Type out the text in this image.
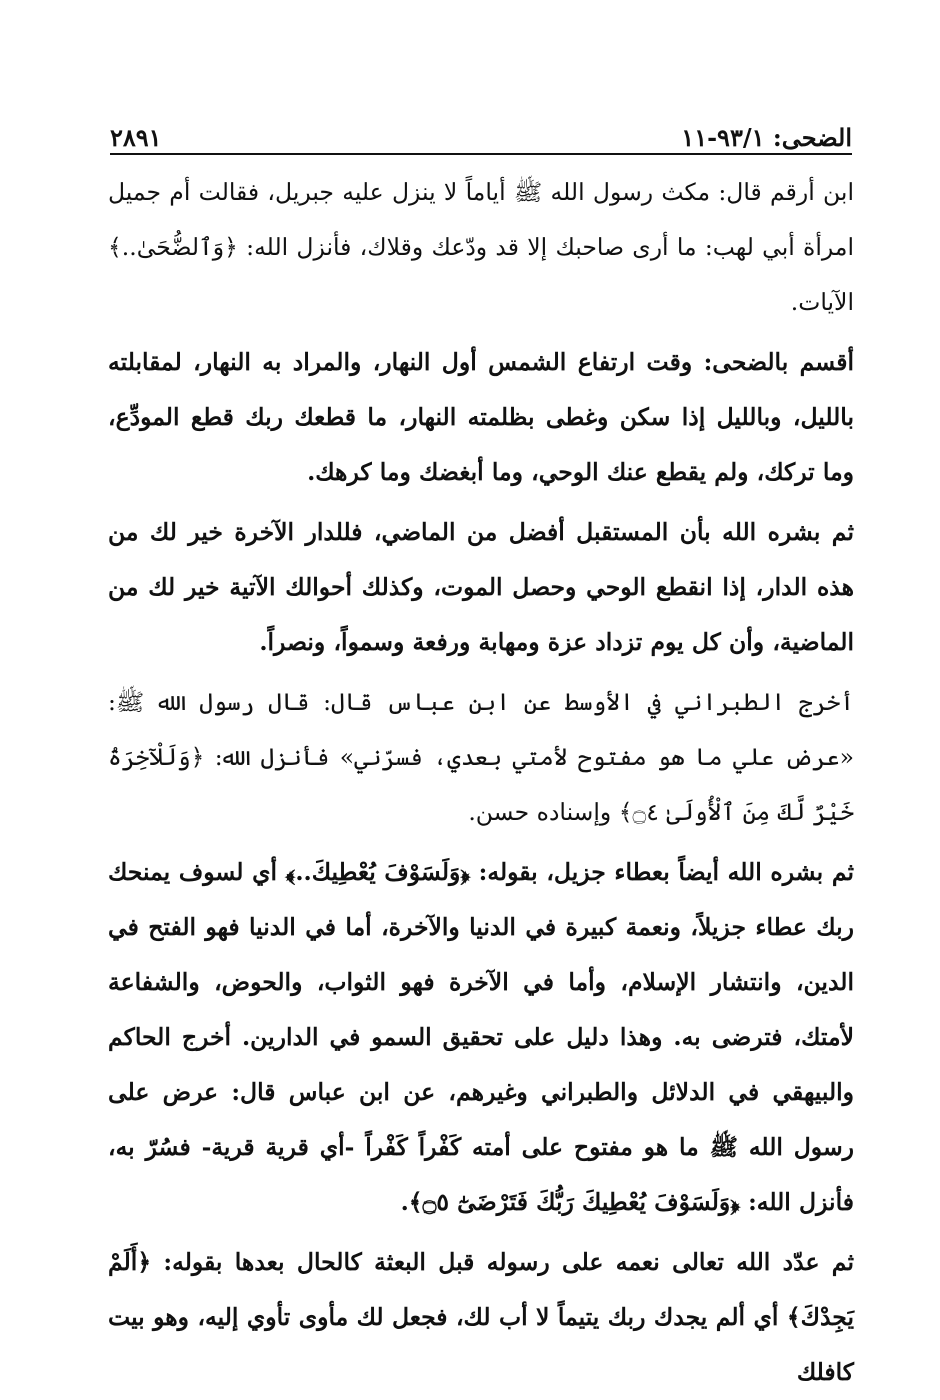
٢٨٩١	الضحى: ٩٣/١-١١

ابن أرقم قال: مكث رسول الله ﷺ أياماً لا ينزل عليه جبريل، فقالت أم جميل امرأة أبي لهب: ما أرى صاحبك إلا قد ودّعك وقلاك، فأنزل الله: ﴿وَٱلضُّحَىٰ..﴾ الآيات.

أقسم بالضحى: وقت ارتفاع الشمس أول النهار، والمراد به النهار، لمقابلته بالليل، وبالليل إذا سكن وغطى بظلمته النهار، ما قطعك ربك قطع المودِّع، وما تركك، ولم يقطع عنك الوحي، وما أبغضك وما كرهك.

ثم بشره الله بأن المستقبل أفضل من الماضي، فللدار الآخرة خير لك من هذه الدار، إذا انقطع الوحي وحصل الموت، وكذلك أحوالك الآتية خير لك من الماضية، وأن كل يوم تزداد عزة ومهابة ورفعة وسمواً، ونصراً.

أخرج الطبراني في الأوسط عن ابن عباس قال: قال رسول الله ﷺ: «عرض علي ما هو مفتوح لأمتي بعدي، فسرّني» فأنزل الله: ﴿وَلَلْآخِرَةُ خَيْرٌ لَّكَ مِنَ ٱلْأُولَىٰ ۝٤﴾ وإسناده حسن.

ثم بشره الله أيضاً بعطاء جزيل، بقوله: ﴿وَلَسَوْفَ يُعْطِيكَ..﴾ أي لسوف يمنحك ربك عطاء جزيلاً، ونعمة كبيرة في الدنيا والآخرة، أما في الدنيا فهو الفتح في الدين، وانتشار الإسلام، وأما في الآخرة فهو الثواب، والحوض، والشفاعة لأمتك، فترضى به. وهذا دليل على تحقيق السمو في الدارين. أخرج الحاكم والبيهقي في الدلائل والطبراني وغيرهم، عن ابن عباس قال: عرض على رسول الله ﷺ ما هو مفتوح على أمته كَفْراً كَفْراً -أي قرية قرية- فسُرّ به، فأنزل الله: ﴿وَلَسَوْفَ يُعْطِيكَ رَبُّكَ فَتَرْضَىٰٓ ۝٥﴾.

ثم عدّد الله تعالى نعمه على رسوله قبل البعثة كالحال بعدها بقوله: ﴿أَلَمْ يَجِدْكَ﴾ أي ألم يجدك ربك يتيماً لا أب لك، فجعل لك مأوى تأوي إليه، وهو بيت كافلك
